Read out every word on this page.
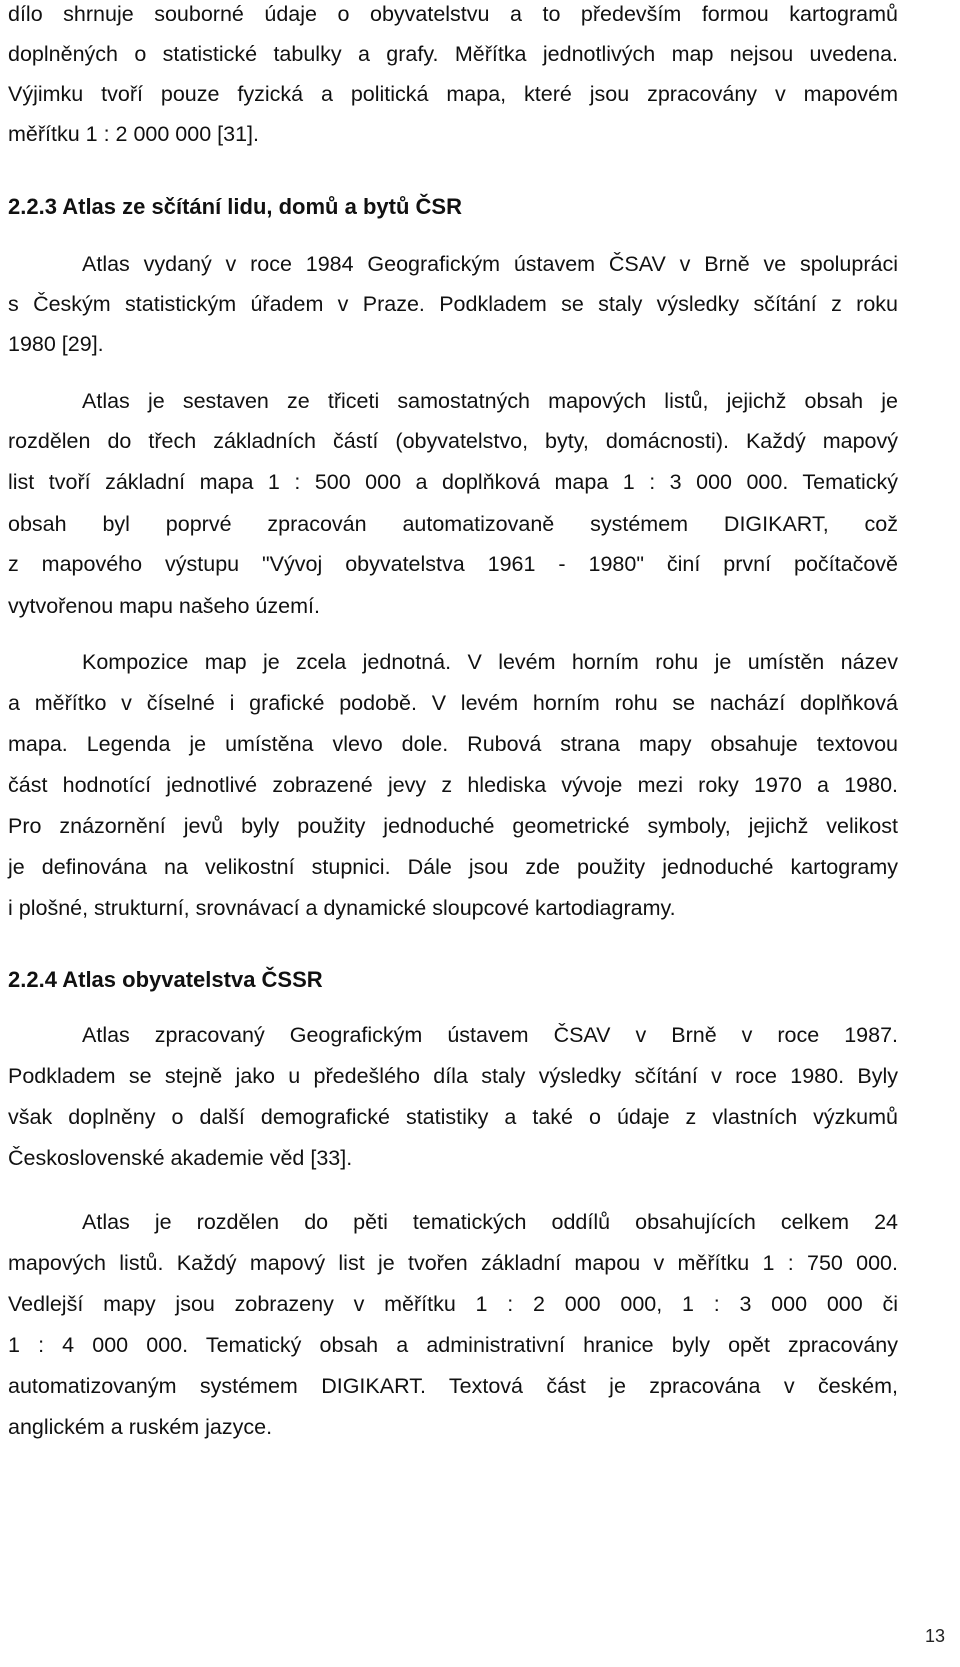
dílo shrnuje souborné údaje o obyvatelstvu a to především formou kartogramů
doplněných o statistické tabulky a grafy. Měřítka jednotlivých map nejsou uvedena.
Výjimku tvoří pouze fyzická a politická mapa, které jsou zpracovány v mapovém
měřítku 1 : 2 000 000 [31].
2.2.3 Atlas ze sčítání lidu, domů a bytů ČSR
Atlas vydaný v roce 1984 Geografickým ústavem ČSAV v Brně ve spolupráci
s Českým statistickým úřadem v Praze. Podkladem se staly výsledky sčítání z roku
1980 [29].
Atlas je sestaven ze třiceti samostatných mapových listů, jejichž obsah je
rozdělen do třech základních částí (obyvatelstvo, byty, domácnosti). Každý mapový
list tvoří základní mapa 1 : 500 000 a doplňková mapa 1 : 3 000 000. Tematický
obsah byl poprvé zpracován automatizovaně systémem DIGIKART, což
z mapového výstupu "Vývoj obyvatelstva 1961 - 1980" činí první počítačově
vytvořenou mapu našeho území.
Kompozice map je zcela jednotná. V levém horním rohu je umístěn název
a měřítko v číselné i grafické podobě. V levém horním rohu se nachází doplňková
mapa. Legenda je umístěna vlevo dole. Rubová strana mapy obsahuje textovou
část hodnotící jednotlivé zobrazené jevy z hlediska vývoje mezi roky 1970 a 1980.
Pro znázornění jevů byly použity jednoduché geometrické symboly, jejichž velikost
je definována na velikostní stupnici. Dále jsou zde použity jednoduché kartogramy
i plošné, strukturní, srovnávací a dynamické sloupcové kartodiagramy.
2.2.4 Atlas obyvatelstva ČSSR
Atlas zpracovaný Geografickým ústavem ČSAV v Brně v roce 1987.
Podkladem se stejně jako u předešlého díla staly výsledky sčítání v roce 1980. Byly
však doplněny o další demografické statistiky a také o údaje z vlastních výzkumů
Československé akademie věd [33].
Atlas je rozdělen do pěti tematických oddílů obsahujících celkem 24
mapových listů. Každý mapový list je tvořen základní mapou v měřítku 1 : 750 000.
Vedlejší mapy jsou zobrazeny v měřítku 1 : 2 000 000, 1 : 3 000 000 či
1 : 4 000 000. Tematický obsah a administrativní hranice byly opět zpracovány
automatizovaným systémem DIGIKART. Textová část je zpracována v českém,
anglickém a ruském jazyce.
13
